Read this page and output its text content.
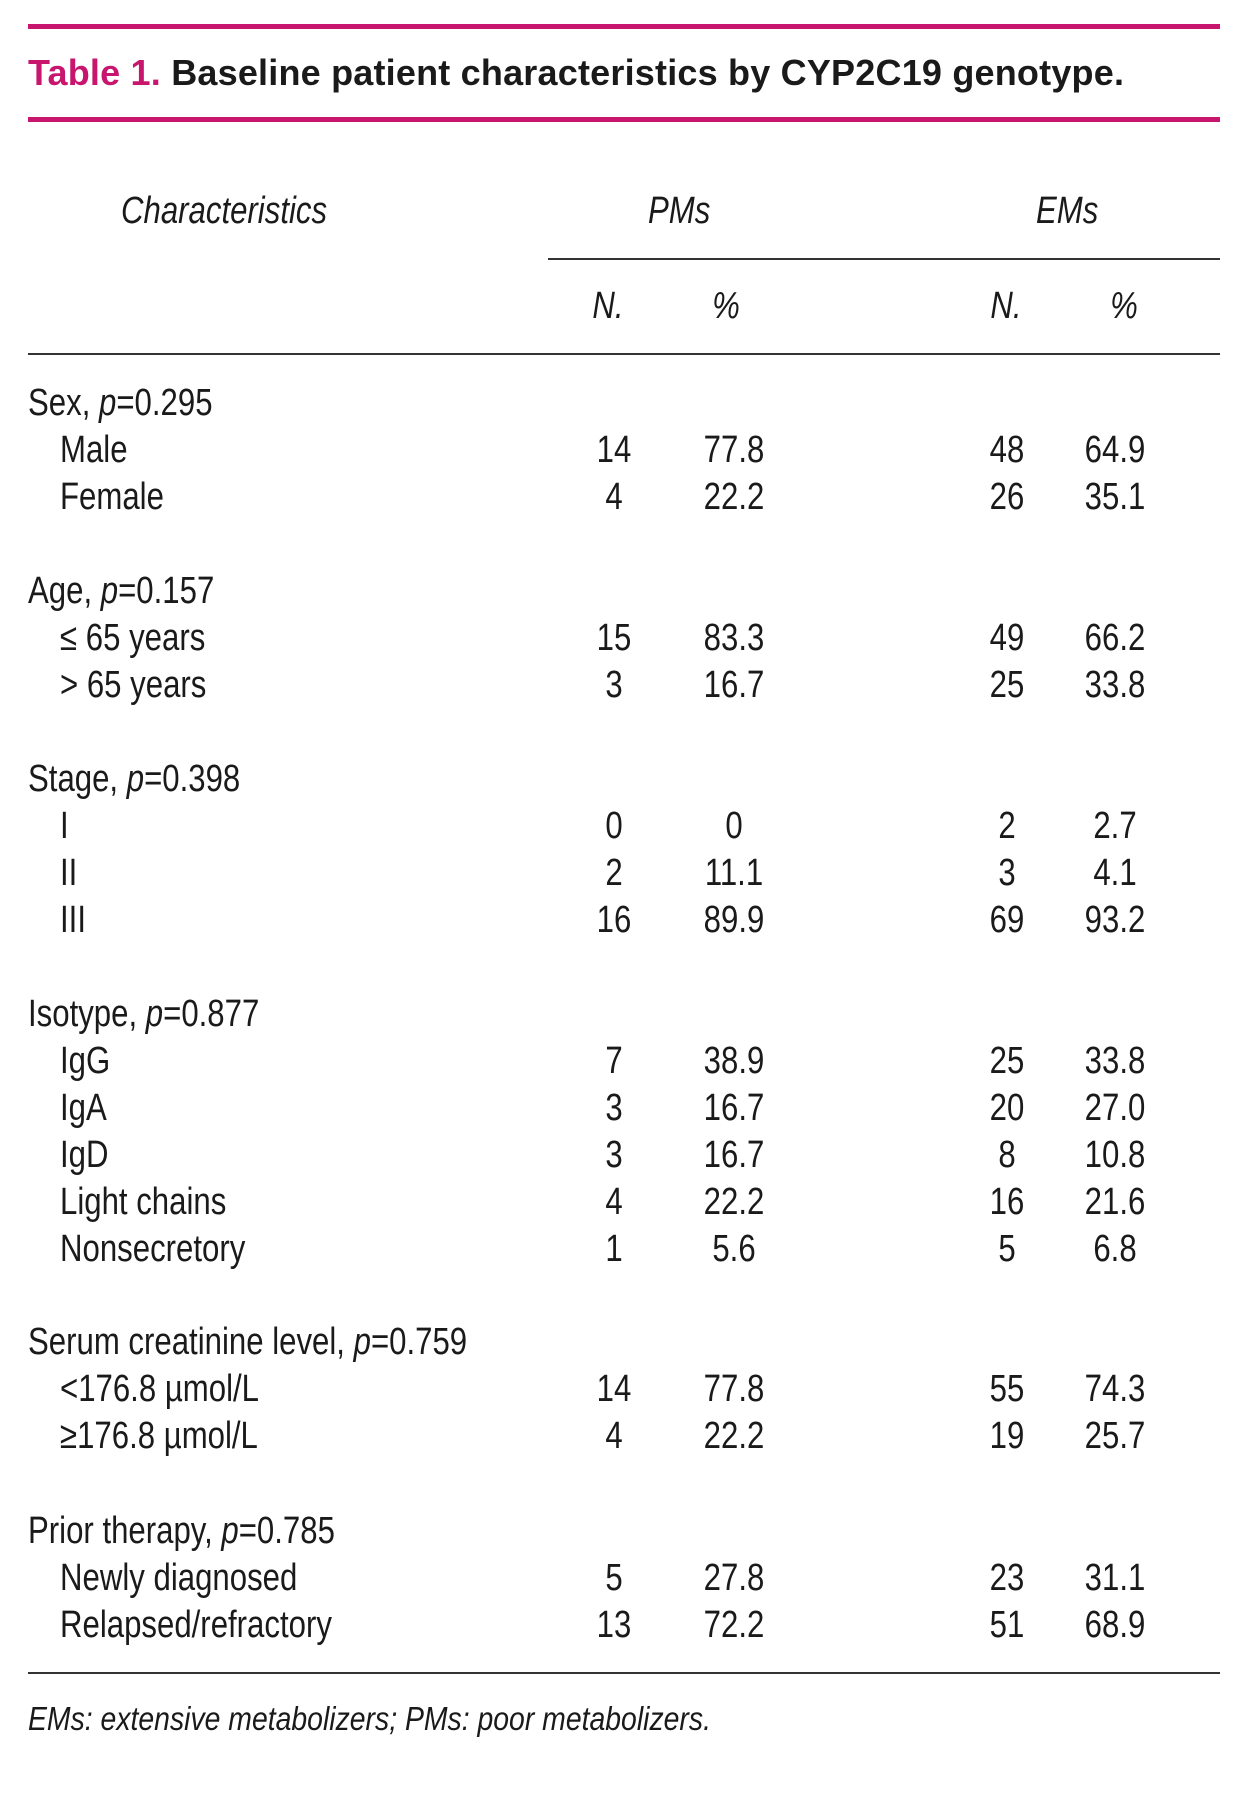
Table 1. Baseline patient characteristics by CYP2C19 genotype.
Characteristics	PMs	EMs
N.	%	N.	%
Sex, p=0.295
Male	14	77.8	48	64.9
Female	4	22.2	26	35.1
Age, p=0.157
≤ 65 years	15	83.3	49	66.2
> 65 years	3	16.7	25	33.8
Stage, p=0.398
I	0	0	2	2.7
II	2	11.1	3	4.1
III	16	89.9	69	93.2
Isotype, p=0.877
IgG	7	38.9	25	33.8
IgA	3	16.7	20	27.0
IgD	3	16.7	8	10.8
Light chains	4	22.2	16	21.6
Nonsecretory	1	5.6	5	6.8
Serum creatinine level, p=0.759
<176.8 µmol/L	14	77.8	55	74.3
≥176.8 µmol/L	4	22.2	19	25.7
Prior therapy, p=0.785
Newly diagnosed	5	27.8	23	31.1
Relapsed/refractory	13	72.2	51	68.9
EMs: extensive metabolizers; PMs: poor metabolizers.
